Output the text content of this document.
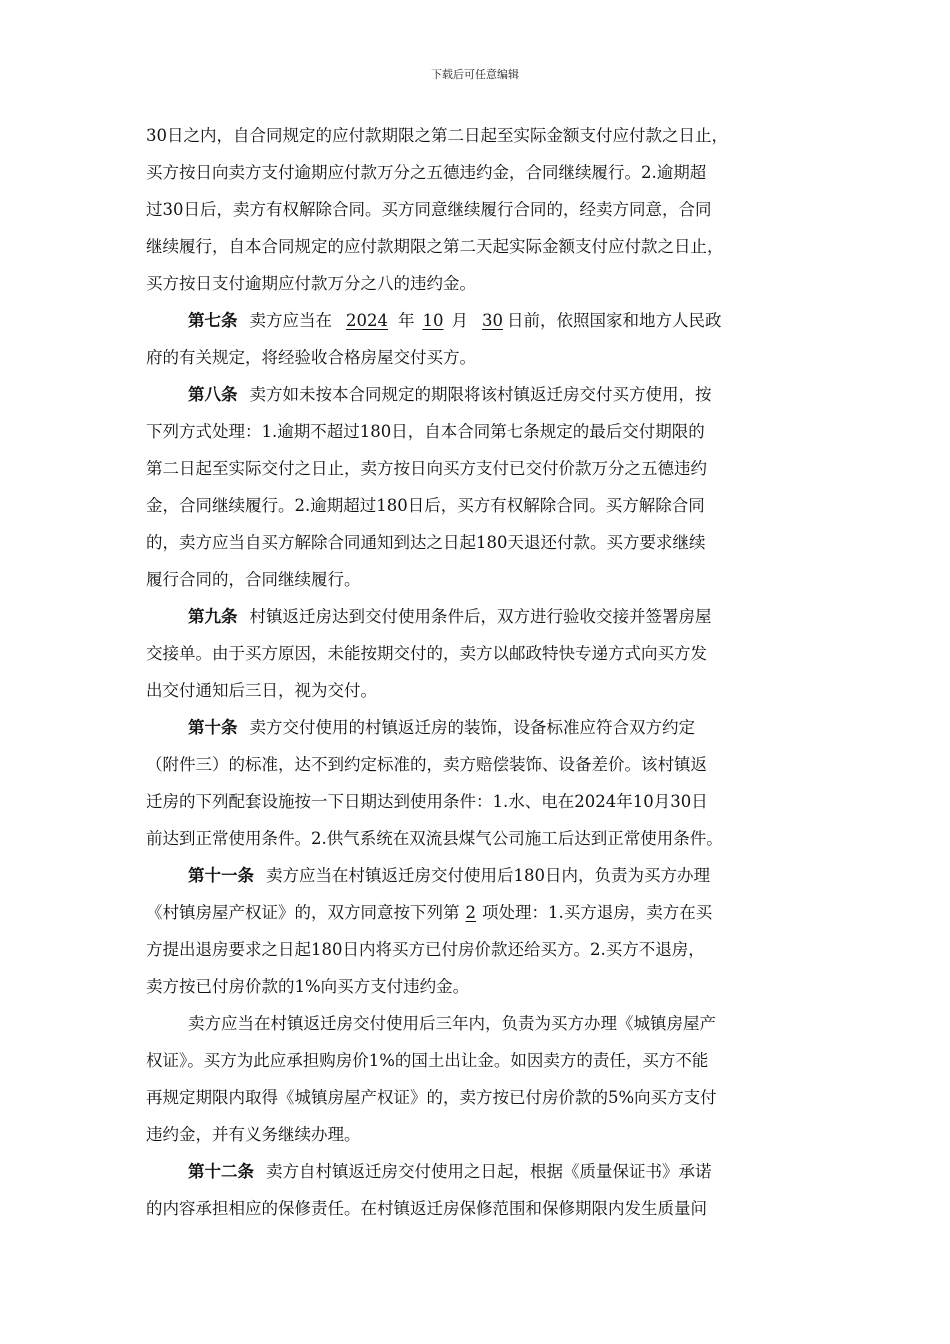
下载后可任意编辑
30日之内，自合同规定的应付款期限之第二日起至实际金额支付应付款之日止，
买方按日向卖方支付逾期应付款万分之五德违约金，合同继续履行。2.逾期超
过30日后，卖方有权解除合同。买方同意继续履行合同的，经卖方同意，合同
继续履行，自本合同规定的应付款期限之第二天起实际金额支付应付款之日止，
买方按日支付逾期应付款万分之八的违约金。
第七条 卖方应当在 2024 年 10 月 30 日前，依照国家和地方人民政
府的有关规定，将经验收合格房屋交付买方。
第八条 卖方如未按本合同规定的期限将该村镇返迁房交付买方使用，按
下列方式处理：1.逾期不超过180日，自本合同第七条规定的最后交付期限的
第二日起至实际交付之日止，卖方按日向买方支付已交付价款万分之五德违约
金，合同继续履行。2.逾期超过180日后，买方有权解除合同。买方解除合同
的，卖方应当自买方解除合同通知到达之日起180天退还付款。买方要求继续
履行合同的，合同继续履行。
第九条 村镇返迁房达到交付使用条件后，双方进行验收交接并签署房屋
交接单。由于买方原因，未能按期交付的，卖方以邮政特快专递方式向买方发
出交付通知后三日，视为交付。
第十条 卖方交付使用的村镇返迁房的装饰，设备标准应符合双方约定
（附件三）的标准，达不到约定标准的，卖方赔偿装饰、设备差价。该村镇返
迁房的下列配套设施按一下日期达到使用条件：1.水、电在2024年10月30日
前达到正常使用条件。2.供气系统在双流县煤气公司施工后达到正常使用条件。
第十一条 卖方应当在村镇返迁房交付使用后180日内，负责为买方办理
《村镇房屋产权证》的，双方同意按下列第 2 项处理：1.买方退房，卖方在买
方提出退房要求之日起180日内将买方已付房价款还给买方。2.买方不退房，
卖方按已付房价款的1%向买方支付违约金。
卖方应当在村镇返迁房交付使用后三年内，负责为买方办理《城镇房屋产
权证》。买方为此应承担购房价1%的国土出让金。如因卖方的责任，买方不能
再规定期限内取得《城镇房屋产权证》的，卖方按已付房价款的5%向买方支付
违约金，并有义务继续办理。
第十二条 卖方自村镇返迁房交付使用之日起，根据《质量保证书》承诺
的内容承担相应的保修责任。在村镇返迁房保修范围和保修期限内发生质量问
